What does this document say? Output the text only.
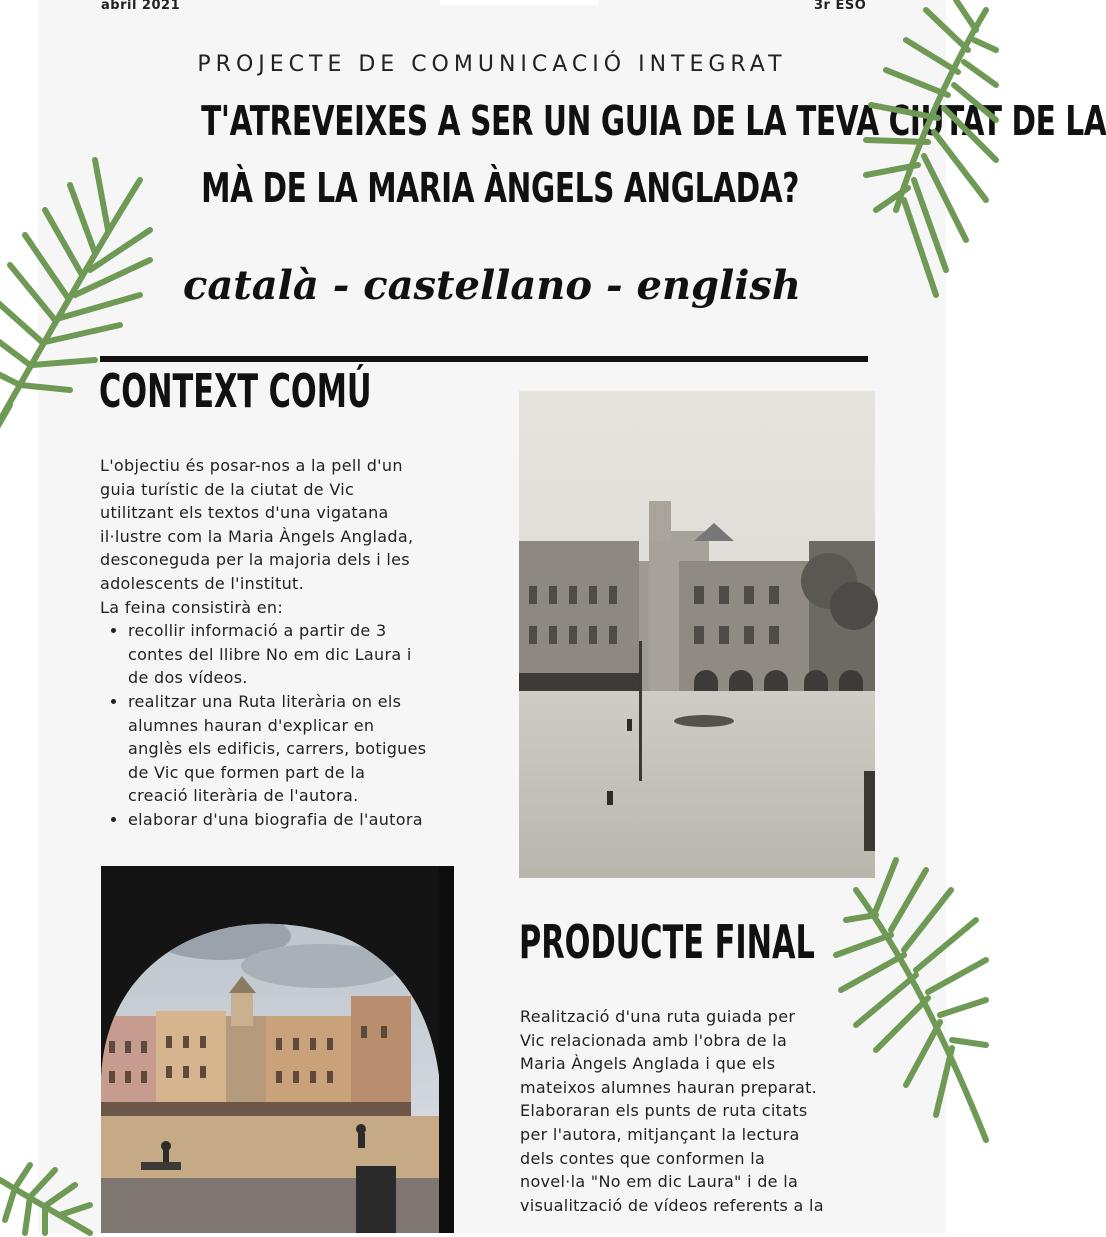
abril 2021	3r ESO
PROJECTE DE COMUNICACIÓ INTEGRAT
T'ATREVEIXES A SER UN GUIA DE LA TEVA CIUTAT DE LA
MÀ DE LA MARIA ÀNGELS ANGLADA?
català - castellano - english
CONTEXT COMÚ
L'objectiu és posar-nos a la pell d'un
guia turístic de la ciutat de Vic
utilitzant els textos d'una vigatana
il·lustre com la Maria Àngels Anglada,
desconeguda per la majoria dels i les
adolescents de l'institut.
La feina consistirà en:
• recollir informació a partir de 3
contes del llibre No em dic Laura i
de dos vídeos.
• realitzar una Ruta literària on els
alumnes hauran d'explicar en
anglès els edificis, carrers, botigues
de Vic que formen part de la
creació literària de l'autora.
• elaborar d'una biografia de l'autora
PRODUCTE FINAL
Realització d'una ruta guiada per
Vic relacionada amb l'obra de la
Maria Àngels Anglada i que els
mateixos alumnes hauran preparat.
Elaboraran els punts de ruta citats
per l'autora, mitjançant la lectura
dels contes que conformen la
novel·la "No em dic Laura" i de la
visualització de vídeos referents a la
